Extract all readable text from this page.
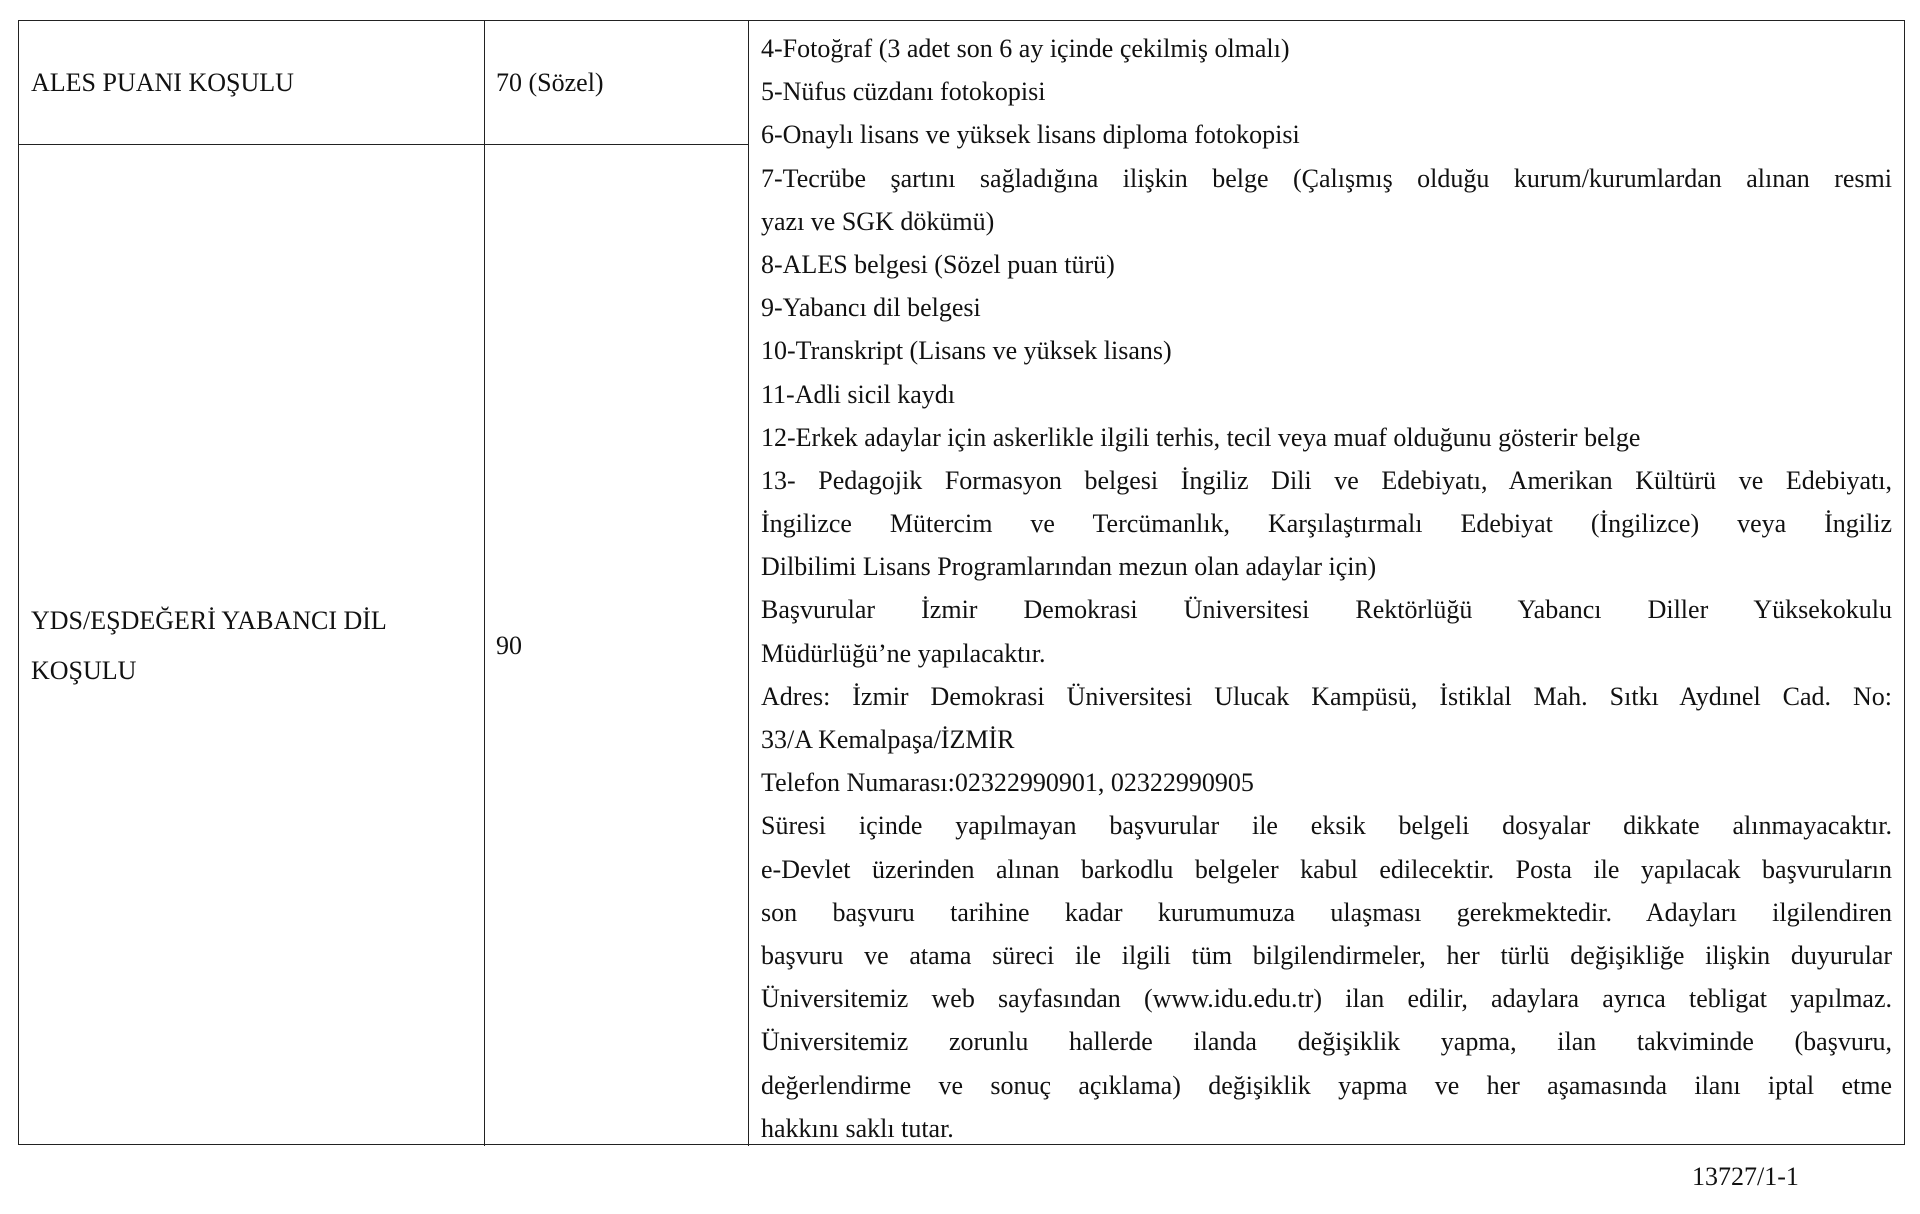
ALES PUANI KOŞULU	70 (Sözel)
YDS/EŞDEĞERİ YABANCI DİL
KOŞULU
90
4-Fotoğraf (3 adet son 6 ay içinde çekilmiş olmalı)
5-Nüfus cüzdanı fotokopisi
6-Onaylı lisans ve yüksek lisans diploma fotokopisi
7-Tecrübe şartını sağladığına ilişkin belge (Çalışmış olduğu kurum/kurumlardan alınan resmi
yazı ve SGK dökümü)
8-ALES belgesi (Sözel puan türü)
9-Yabancı dil belgesi
10-Transkript (Lisans ve yüksek lisans)
11-Adli sicil kaydı
12-Erkek adaylar için askerlikle ilgili terhis, tecil veya muaf olduğunu gösterir belge
13- Pedagojik Formasyon belgesi İngiliz Dili ve Edebiyatı, Amerikan Kültürü ve Edebiyatı,
İngilizce Mütercim ve Tercümanlık, Karşılaştırmalı Edebiyat (İngilizce) veya İngiliz
Dilbilimi Lisans Programlarından mezun olan adaylar için)
Başvurular İzmir Demokrasi Üniversitesi Rektörlüğü Yabancı Diller Yüksekokulu
Müdürlüğü’ne yapılacaktır.
Adres: İzmir Demokrasi Üniversitesi Ulucak Kampüsü, İstiklal Mah. Sıtkı Aydınel Cad. No:
33/A Kemalpaşa/İZMİR
Telefon Numarası:02322990901, 02322990905
Süresi içinde yapılmayan başvurular ile eksik belgeli dosyalar dikkate alınmayacaktır.
e-Devlet üzerinden alınan barkodlu belgeler kabul edilecektir. Posta ile yapılacak başvuruların
son başvuru tarihine kadar kurumumuza ulaşması gerekmektedir. Adayları ilgilendiren
başvuru ve atama süreci ile ilgili tüm bilgilendirmeler, her türlü değişikliğe ilişkin duyurular
Üniversitemiz web sayfasından (www.idu.edu.tr) ilan edilir, adaylara ayrıca tebligat yapılmaz.
Üniversitemiz zorunlu hallerde ilanda değişiklik yapma, ilan takviminde (başvuru,
değerlendirme ve sonuç açıklama) değişiklik yapma ve her aşamasında ilanı iptal etme
hakkını saklı tutar.
13727/1-1
